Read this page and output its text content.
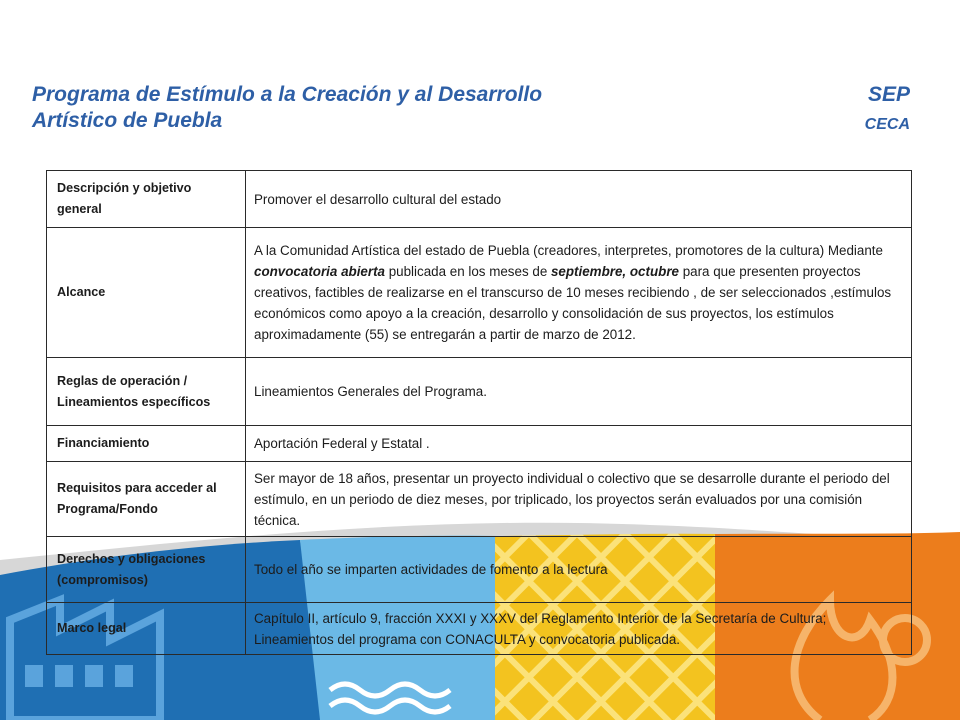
Programa de Estímulo a la Creación y al Desarrollo
Artístico de Puebla
SEP
CECA
Descripción y objetivo general	Promover el desarrollo cultural del estado
Alcance	A la Comunidad Artística del estado de Puebla (creadores, interpretes, promotores de la cultura) Mediante convocatoria abierta publicada en los meses de septiembre, octubre para que presenten proyectos creativos, factibles de realizarse en el transcurso de 10 meses recibiendo , de ser seleccionados ,estímulos económicos como apoyo a la creación, desarrollo y consolidación de sus proyectos, los estímulos aproximadamente (55) se entregarán a partir de marzo de 2012.
Reglas de operación / Lineamientos específicos	Lineamientos Generales del Programa.
Financiamiento	Aportación Federal y Estatal .
Requisitos para acceder al Programa/Fondo	Ser mayor de 18 años, presentar un proyecto individual o colectivo que se desarrolle durante el periodo del estímulo, en un periodo de diez meses, por triplicado, los proyectos serán evaluados por una comisión técnica.
Derechos y obligaciones (compromisos)	Todo el año se imparten actividades de fomento a la lectura
Marco legal	Capítulo II, artículo 9, fracción XXXI y XXXV del Reglamento Interior de la Secretaría de Cultura; Lineamientos del programa con CONACULTA y convocatoria publicada.
